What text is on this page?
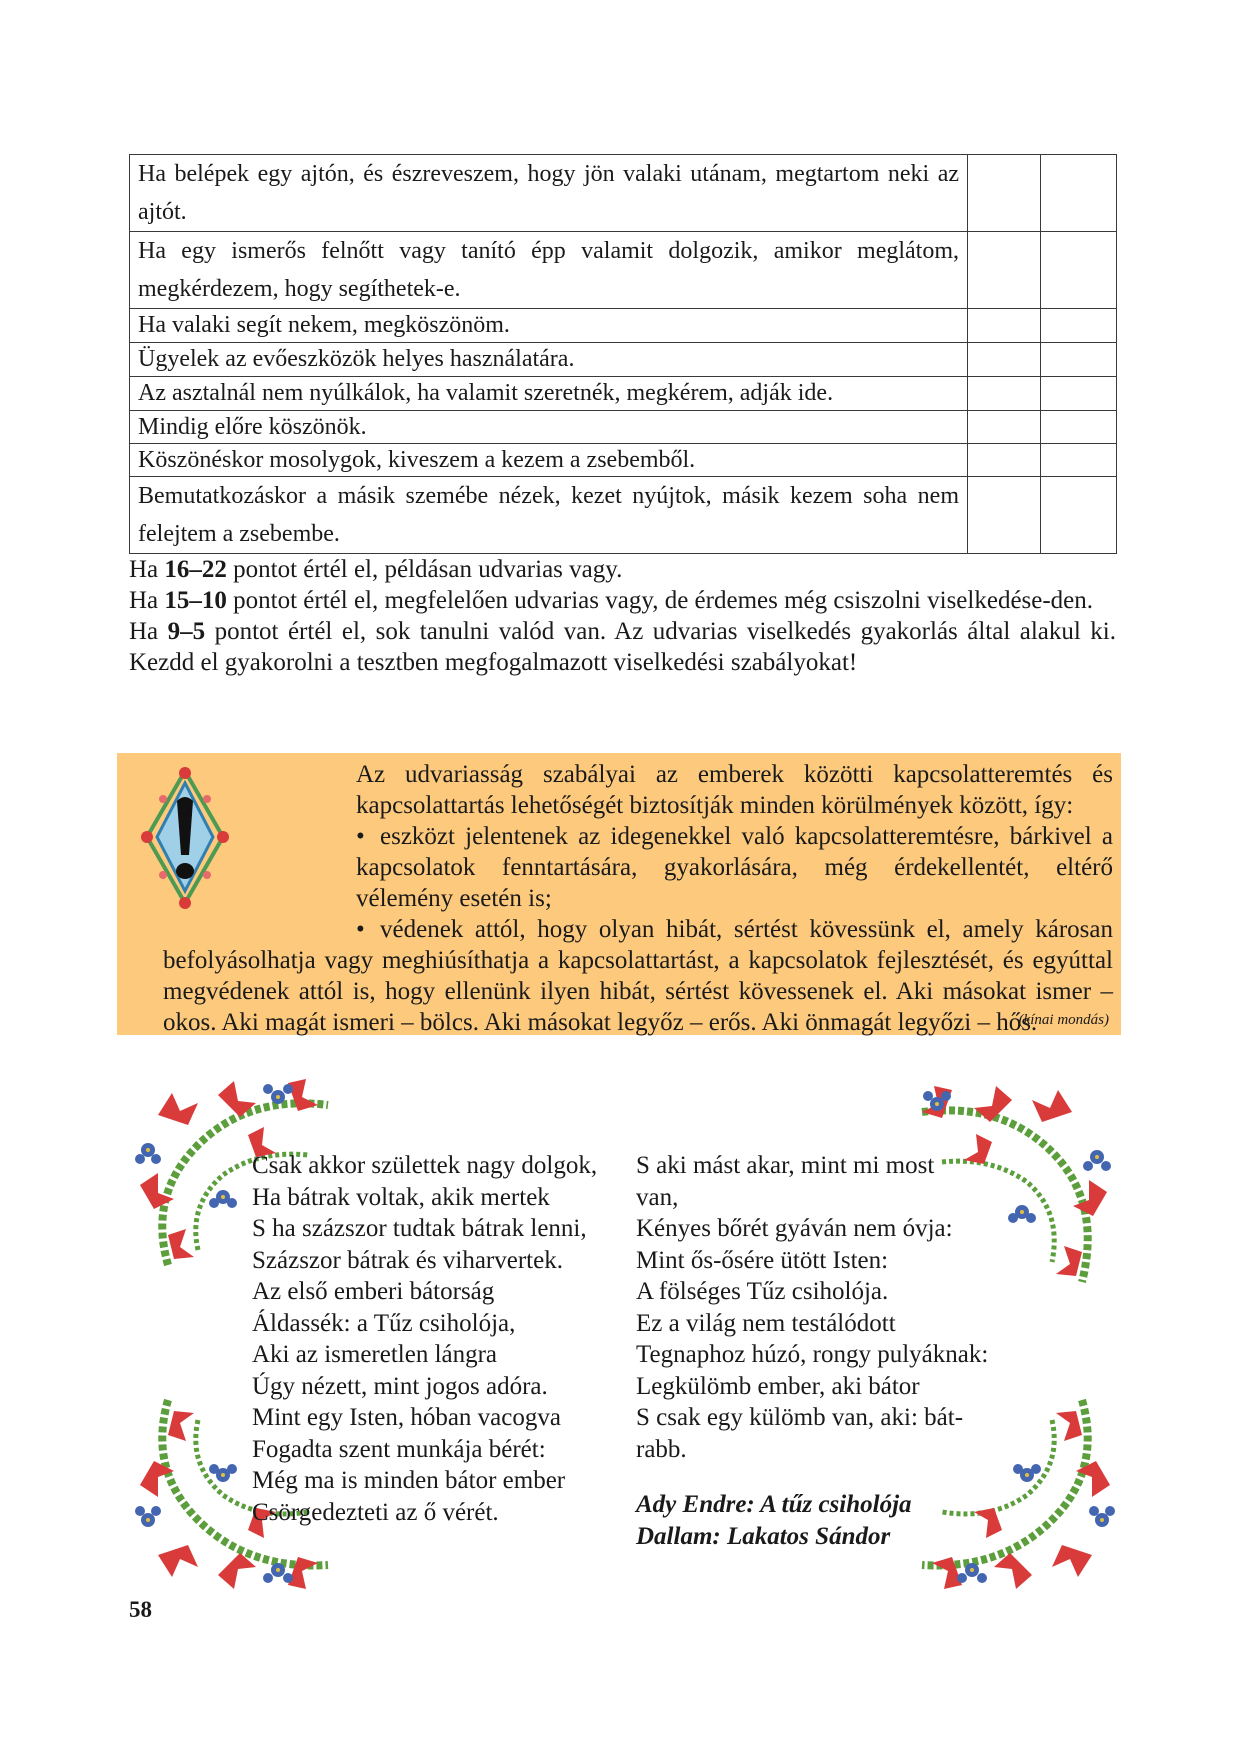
Ha belépek egy ajtón, és észreveszem, hogy jön valaki utánam, megtartom neki az ajtót.		
Ha egy ismerős felnőtt vagy tanító épp valamit dolgozik, amikor meglátom, megkérdezem, hogy segíthetek-e.		
Ha valaki segít nekem, megköszönöm.		
Ügyelek az evőeszközök helyes használatára.		
Az asztalnál nem nyúlkálok, ha valamit szeretnék, megkérem, adják ide.		
Mindig előre köszönök.		
Köszönéskor mosolygok, kiveszem a kezem a zsebemből.		
Bemutatkozáskor a másik szemébe nézek, kezet nyújtok, másik kezem soha nem felejtem a zsebembe.		

Ha 16–22 pontot értél el, példásan udvarias vagy.

Ha 15–10 pontot értél el, megfelelően udvarias vagy, de érdemes még csiszolni viselkedése-den.

Ha 9–5 pontot értél el, sok tanulni valód van. Az udvarias viselkedés gyakorlás által alakul ki. Kezdd el gyakorolni a tesztben megfogalmazott viselkedési szabályokat!

Az udvariasság szabályai az emberek közötti kapcsolatteremtés és kapcsolattartás lehetőségét biztosítják minden körülmények között, így:

• eszközt jelentenek az idegenekkel való kapcsolatteremtésre, bárkivel a kapcsolatok fenntartására, gyakorlására, még érdekellentét, eltérő vélemény esetén is;

• védenek attól, hogy olyan hibát, sértést kövessünk el, amely károsan befolyásolhatja vagy meghiúsíthatja a kapcsolattartást, a kapcsolatok fejlesztését, és egyúttal megvédenek attól is, hogy ellenünk ilyen hibát, sértést kövessenek el. Aki másokat ismer – okos. Aki magát ismeri – bölcs. Aki másokat legyőz – erős. Aki önmagát legyőzi – hős.

(kínai mondás)

Csak akkor születtek nagy dolgok,

Ha bátrak voltak, akik mertek

S ha százszor tudtak bátrak lenni,

Százszor bátrak és viharvertek.

Az első emberi bátorság

Áldassék: a Tűz csiholója,

Aki az ismeretlen lángra

Úgy nézett, mint jogos adóra.

Mint egy Isten, hóban vacogva

Fogadta szent munkája bérét:

Még ma is minden bátor ember

Csörgedezteti az ő vérét.

S aki mást akar, mint mi most

van,

Kényes bőrét gyáván nem óvja:

Mint ős-ősére ütött Isten:

A fölséges Tűz csiholója.

Ez a világ nem testálódott

Tegnaphoz húzó, rongy pulyáknak:

Legkülömb ember, aki bátor

S csak egy külömb van, aki: bát-

rabb.

Ady Endre: A tűz csiholója

Dallam: Lakatos Sándor

58
